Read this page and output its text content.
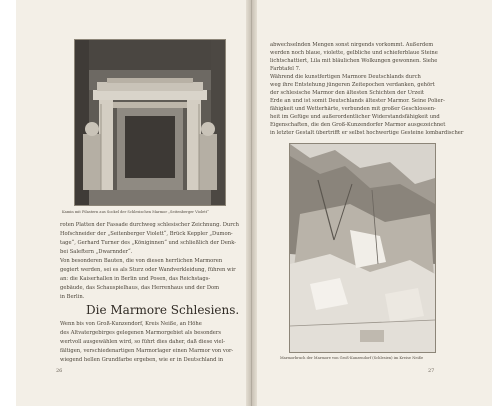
Kamin mit Pilastern aus Sockel der Schlesischen Marmor „Seitenberger Violett“
roten Platten der Fassade durchweg schlesischer Zeichnung. Durch
Hofschneider der „Seitenberger Violett“, Brück Keppler „Dumon-
tage“, Gerhard Turner des „Königinnen“ und schließlich der Denk-
bei Saleftern „Dwarnnder“.
Von besonderen Bauten, die von diesen herrlichen Marmoren
gegiert werden, sei es als Sturz oder Wandverkleidung, führen wir
an: die Kaiserhallen in Berlin und Posen, das Reichstags-
gebäude, das Schauspielhaus, das Herrenhaus und der Dom
in Berlin.
Die Marmore Schlesiens.
Wenn bis von Groß-Kunzendorf, Kreis Neiße, an Höhe
des Altvatergebirges gelegenen Marmorgebiet als besonders
wertvoll ausgewählen wird, so führt dies daher, daß diese viel-
fältigen, verschiedenartigen Marmorlager einen Marmor von vor-
wiegend hellen Grundfarbe ergeben, wie er in Deutschland in
26
abwechselnden Mengen sonst nirgends vorkommt. Außerdem
werden noch blaue, violette, gelbliche und schieferblaue Steine
lichtschattiert, Lila mit bläulichen Wolkungen gewonnen. Siehe
Farbtafel 7.
Während die kunstfertigen Marmore Deutschlands durch
weg ihre Entstehung jüngeren Zeitepochen verdanken, gehört
der schlesische Marmor den ältesten Schichten der Urzeit
Erde an und ist somit Deutschlands ältester Marmor. Seine Polier-
fähigkeit und Wetterhärte, verbunden mit großer Geschlossen-
heit im Gefüge und außerordentlicher Widerstandsfähigkeit und
Eigenschaften, die den Groß-Kunzendorfer Marmor ausgezeichnet
in letzter Gestalt übertrifft er selbst hochwertige Gesteine lombardischer
Marmorbruch der Marmore von Groß-Kunzendorf (Schlesien) im Kreise Neiße
27
